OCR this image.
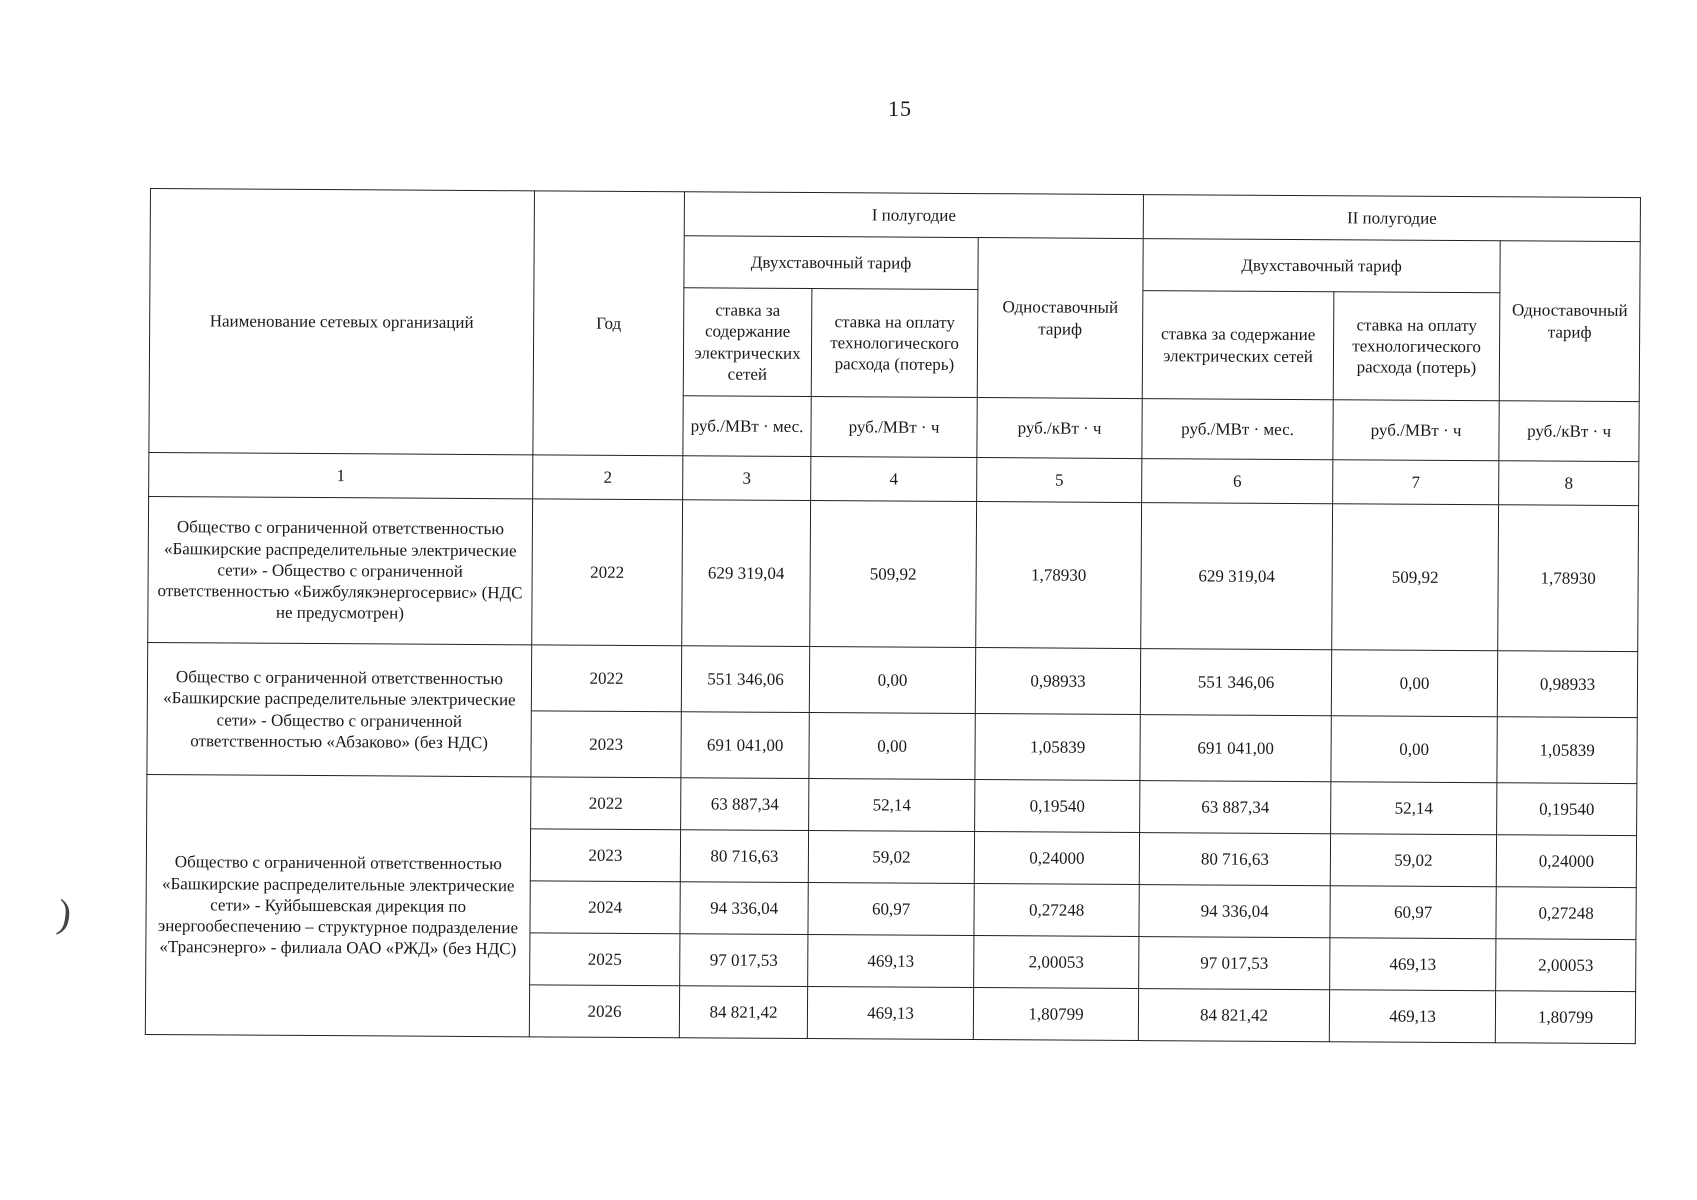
15
)
Наименование сетевых организаций	Год	I полугодие			II полугодие		
		Двухставочный тариф		Одноставочный тариф	Двухставочный тариф		Одноставочный тариф
		ставка за содержание электрических сетей	ставка на оплату технологического расхода (потерь)		ставка за содержание электрических сетей	ставка на оплату технологического расхода (потерь)	
		руб./МВт · мес.	руб./МВт · ч	руб./кВт · ч	руб./МВт · мес.	руб./МВт · ч	руб./кВт · ч
1	2	3	4	5	6	7	8
Общество с ограниченной ответственностью «Башкирские распределительные электрические сети» - Общество с ограниченной ответственностью «Бижбулякэнергосервис» (НДС не предусмотрен)	2022	629 319,04	509,92	1,78930	629 319,04	509,92	1,78930
Общество с ограниченной ответственностью «Башкирские распределительные электрические сети» - Общество с ограниченной ответственностью «Абзаково» (без НДС)	2022	551 346,06	0,00	0,98933	551 346,06	0,00	0,98933
	2023	691 041,00	0,00	1,05839	691 041,00	0,00	1,05839
Общество с ограниченной ответственностью «Башкирские распределительные электрические сети» - Куйбышевская дирекция по энергообеспечению – структурное подразделение «Трансэнерго» - филиала ОАО «РЖД» (без НДС)	2022	63 887,34	52,14	0,19540	63 887,34	52,14	0,19540
	2023	80 716,63	59,02	0,24000	80 716,63	59,02	0,24000
	2024	94 336,04	60,97	0,27248	94 336,04	60,97	0,27248
	2025	97 017,53	469,13	2,00053	97 017,53	469,13	2,00053
	2026	84 821,42	469,13	1,80799	84 821,42	469,13	1,80799
